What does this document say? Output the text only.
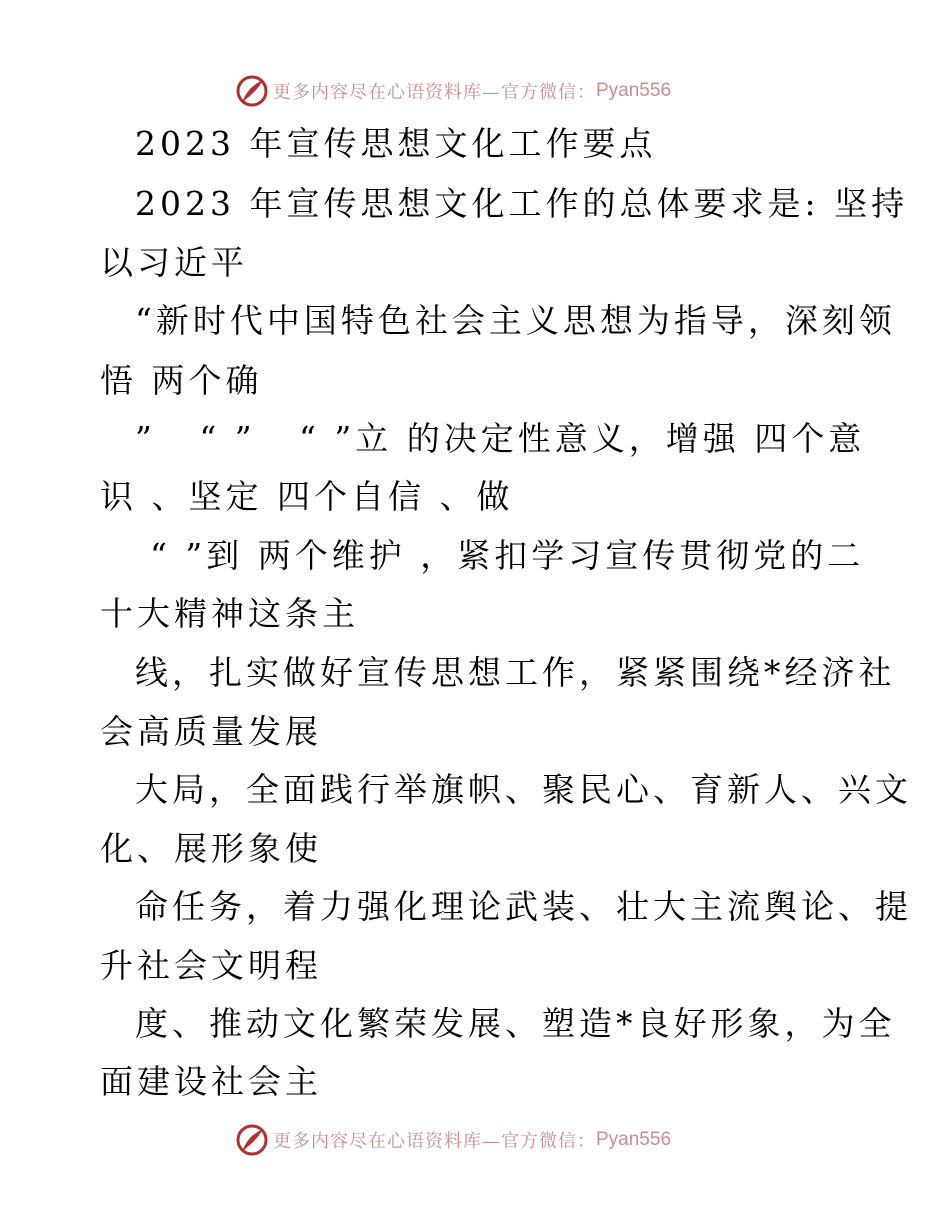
更多内容尽在心语资料库—官方微信： Pyan556

2023 年宣传思想文化工作要点

2023 年宣传思想文化工作的总体要求是: 坚持

以习近平

“新时代中国特色社会主义思想为指导，深刻领

悟 两个确

”   “ ”   “ ”立 的决定性意义，增强 四个意

识 、坚定 四个自信 、做

“ ”到 两个维护 ，紧扣学习宣传贯彻党的二

十大精神这条主

线，扎实做好宣传思想工作，紧紧围绕*经济社

会高质量发展

大局，全面践行举旗帜、聚民心、育新人、兴文

化、展形象使

命任务，着力强化理论武装、壮大主流舆论、提

升社会文明程

度、推动文化繁荣发展、塑造*良好形象，为全

面建设社会主

更多内容尽在心语资料库—官方微信： Pyan556
